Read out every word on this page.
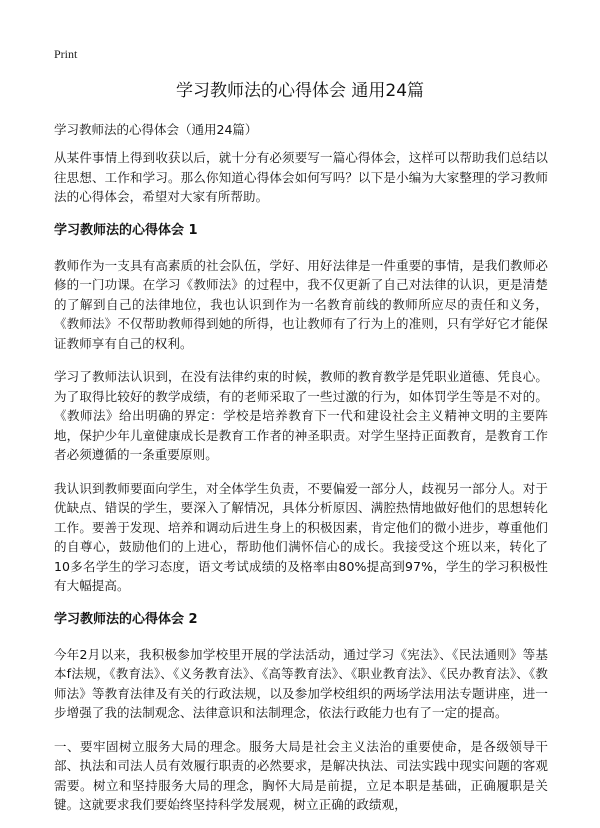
Print
学习教师法的心得体会 通用24篇
学习教师法的心得体会（通用24篇）

从某件事情上得到收获以后，就十分有必须要写一篇心得体会，这样可以帮助我们总结以往思想、工作和学习。那么你知道心得体会如何写吗？以下是小编为大家整理的学习教师法的心得体会，希望对大家有所帮助。

学习教师法的心得体会 1

教师作为一支具有高素质的社会队伍，学好、用好法律是一件重要的事情，是我们教师必修的一门功课。在学习《教师法》的过程中，我不仅更新了自己对法律的认识，更是清楚的了解到自己的法律地位，我也认识到作为一名教育前线的教师所应尽的责任和义务，《教师法》不仅帮助教师得到她的所得，也让教师有了行为上的准则，只有学好它才能保证教师享有自己的权利。

学习了教师法认识到，在没有法律约束的时候，教师的教育教学是凭职业道德、凭良心。为了取得比较好的教学成绩，有的老师采取了一些过激的行为，如体罚学生等是不对的。《教师法》给出明确的界定：学校是培养教育下一代和建设社会主义精神文明的主要阵地，保护少年儿童健康成长是教育工作者的神圣职责。对学生坚持正面教育，是教育工作者必须遵循的一条重要原则。

我认识到教师要面向学生，对全体学生负责，不要偏爱一部分人，歧视另一部分人。对于优缺点、错误的学生，要深入了解情况，具体分析原因、满腔热情地做好他们的思想转化工作。要善于发现、培养和调动后进生身上的积极因素，肯定他们的微小进步，尊重他们的自尊心，鼓励他们的上进心，帮助他们满怀信心的成长。我接受这个班以来，转化了10多名学生的学习态度，语文考试成绩的及格率由80%提高到97%，学生的学习积极性有大幅提高。

学习教师法的心得体会 2

今年2月以来，我积极参加学校里开展的学法活动，通过学习《宪法》、《民法通则》等基本f法规，《教育法》、《义务教育法》、《高等教育法》、《职业教育法》、《民办教育法》、《教师法》等教育法律及有关的行政法规，以及参加学校组织的两场学法用法专题讲座，进一步增强了我的法制观念、法律意识和法制理念，依法行政能力也有了一定的提高。

一、要牢固树立服务大局的理念。服务大局是社会主义法治的重要使命，是各级领导干部、执法和司法人员有效履行职责的必然要求，是解决执法、司法实践中现实问题的客观需要。树立和坚持服务大局的理念，胸怀大局是前提，立足本职是基础，正确履职是关键。这就要求我们要始终坚持科学发展观，树立正确的政绩观，
